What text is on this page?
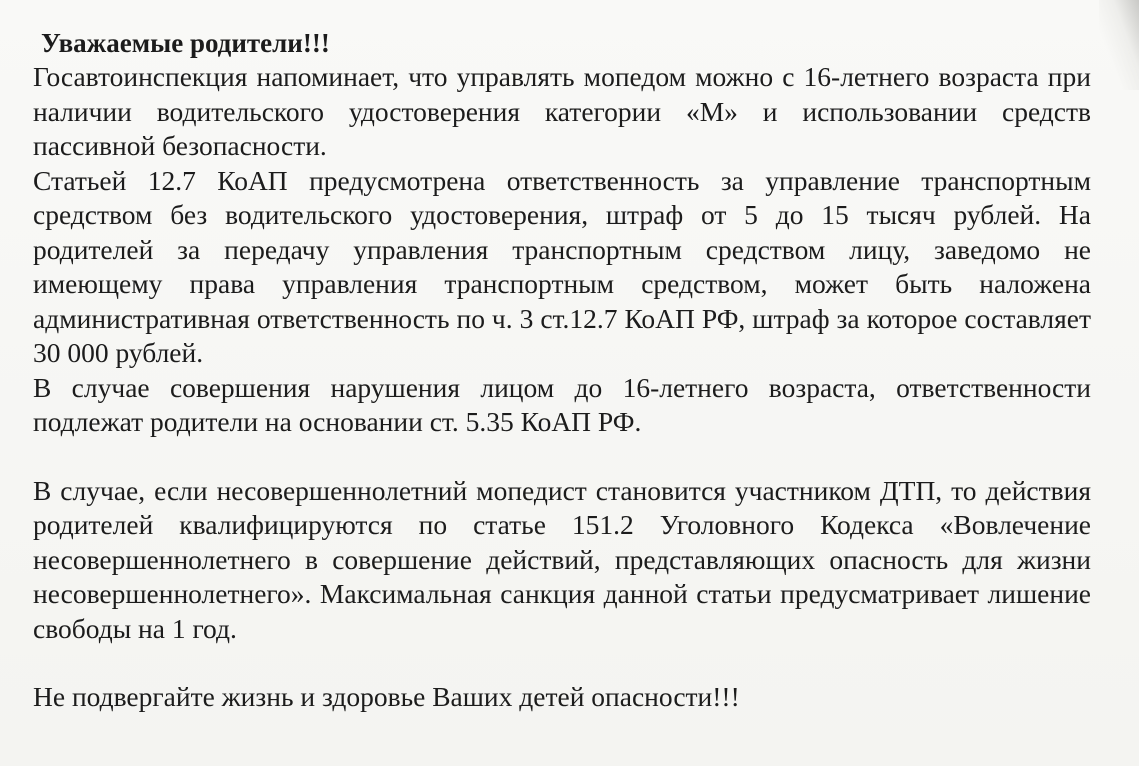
Уважаемые родители!!!

Госавтоинспекция напоминает, что управлять мопедом можно с 16-летнего возраста при наличии водительского удостоверения категории «М» и использовании средств пассивной безопасности.

Статьей 12.7 КоАП предусмотрена ответственность за управление транспортным средством без водительского удостоверения, штраф от 5 до 15 тысяч рублей. На родителей за передачу управления транспортным средством лицу, заведомо не имеющему права управления транспортным средством, может быть наложена административная ответственность по ч. 3 ст.12.7 КоАП РФ, штраф за которое составляет 30 000 рублей.

В случае совершения нарушения лицом до 16-летнего возраста, ответственности подлежат родители на основании ст. 5.35 КоАП РФ.

В случае, если несовершеннолетний мопедист становится участником ДТП, то действия родителей квалифицируются по статье 151.2 Уголовного Кодекса «Вовлечение несовершеннолетнего в совершение действий, представляющих опасность для жизни несовершеннолетнего». Максимальная санкция данной статьи предусматривает лишение свободы на 1 год.

Не подвергайте жизнь и здоровье Ваших детей опасности!!!
